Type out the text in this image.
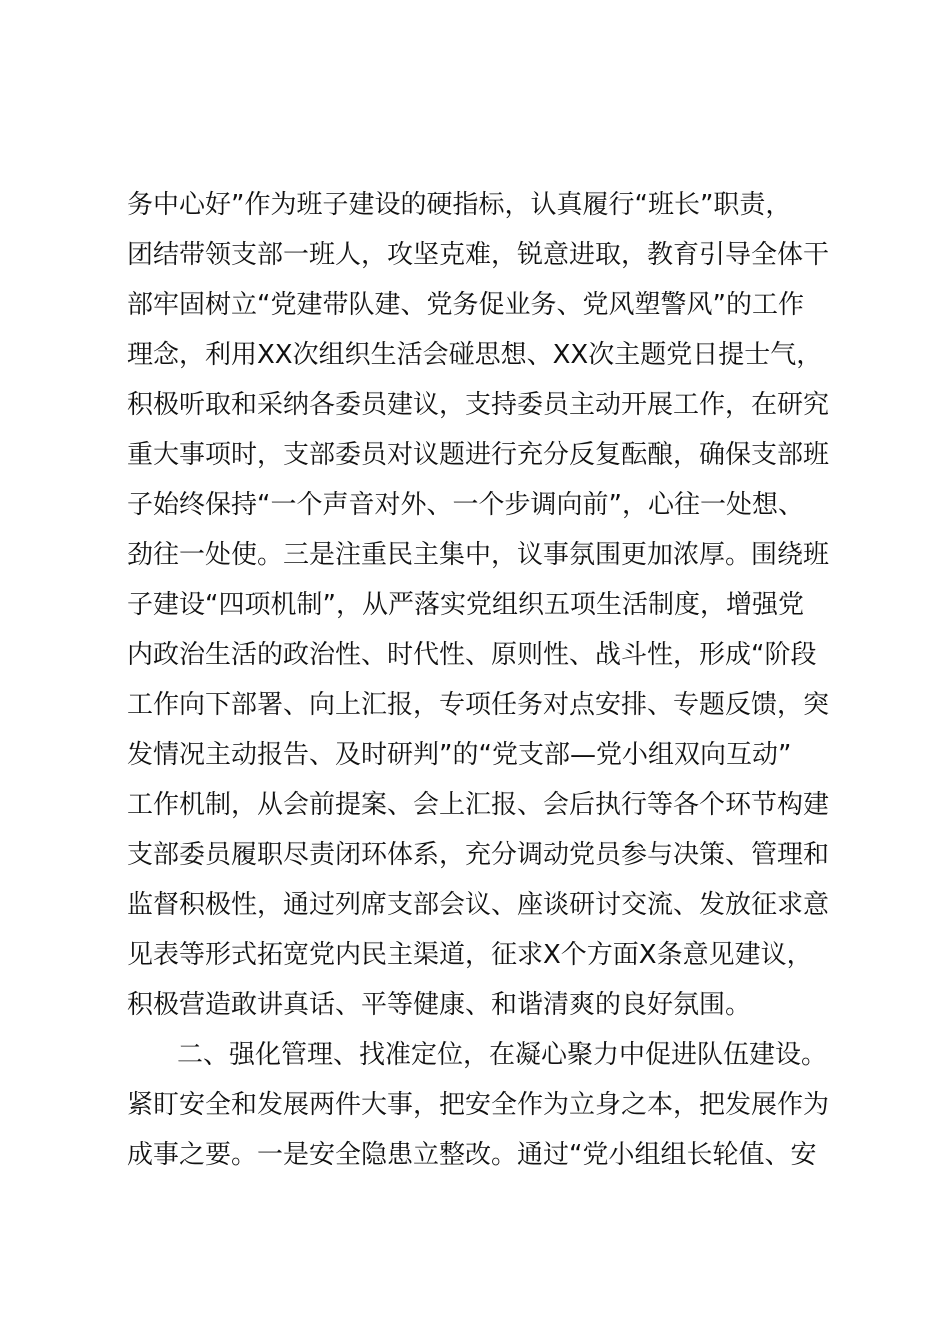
务中心好”作为班子建设的硬指标，认真履行“班长”职责，
团结带领支部一班人，攻坚克难，锐意进取，教育引导全体干
部牢固树立“党建带队建、党务促业务、党风塑警风”的工作
理念，利用XX次组织生活会碰思想、XX次主题党日提士气，
积极听取和采纳各委员建议，支持委员主动开展工作，在研究
重大事项时，支部委员对议题进行充分反复酝酿，确保支部班
子始终保持“一个声音对外、一个步调向前”，心往一处想、
劲往一处使。三是注重民主集中，议事氛围更加浓厚。围绕班
子建设“四项机制”，从严落实党组织五项生活制度，增强党
内政治生活的政治性、时代性、原则性、战斗性，形成“阶段
工作向下部署、向上汇报，专项任务对点安排、专题反馈，突
发情况主动报告、及时研判”的“党支部—党小组双向互动”
工作机制，从会前提案、会上汇报、会后执行等各个环节构建
支部委员履职尽责闭环体系，充分调动党员参与决策、管理和
监督积极性，通过列席支部会议、座谈研讨交流、发放征求意
见表等形式拓宽党内民主渠道，征求X个方面X条意见建议，
积极营造敢讲真话、平等健康、和谐清爽的良好氛围。
二、强化管理、找准定位，在凝心聚力中促进队伍建设。
紧盯安全和发展两件大事，把安全作为立身之本，把发展作为
成事之要。一是安全隐患立整改。通过“党小组组长轮值、安
